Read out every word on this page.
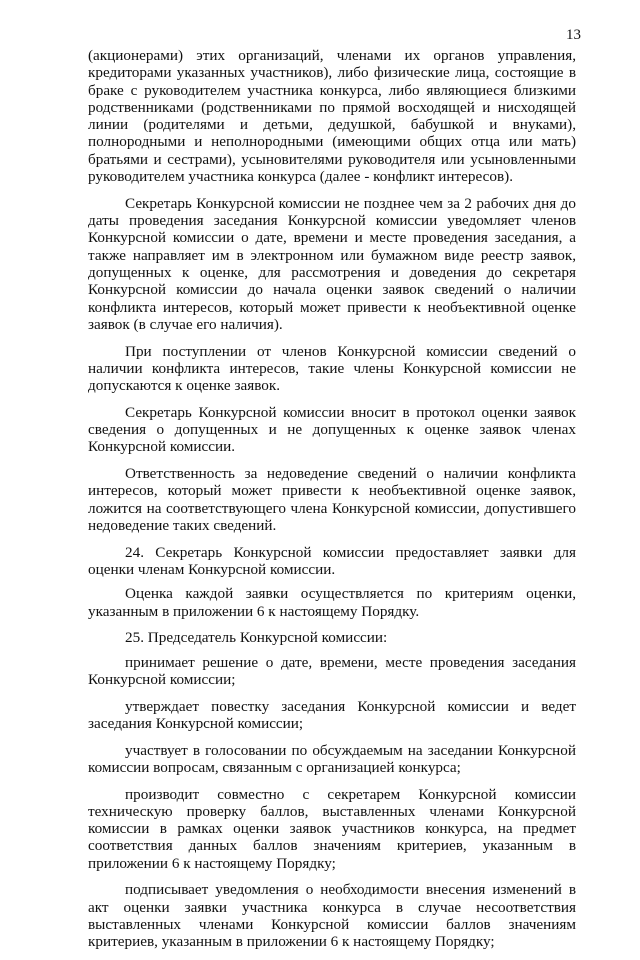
13

(акционерами) этих организаций, членами их органов управления, кредиторами указанных участников), либо физические лица, состоящие в браке с руководителем участника конкурса, либо являющиеся близкими родственниками (родственниками по прямой восходящей и нисходящей линии (родителями и детьми, дедушкой, бабушкой и внуками), полнородными и неполнородными (имеющими общих отца или мать) братьями и сестрами), усыновителями руководителя или усыновленными руководителем участника конкурса (далее - конфликт интересов).

Секретарь Конкурсной комиссии не позднее чем за 2 рабочих дня до даты проведения заседания Конкурсной комиссии уведомляет членов Конкурсной комиссии о дате, времени и месте проведения заседания, а также направляет им в электронном или бумажном виде реестр заявок, допущенных к оценке, для рассмотрения и доведения до секретаря Конкурсной комиссии до начала оценки заявок сведений о наличии конфликта интересов, который может привести к необъективной оценке заявок (в случае его наличия).

При поступлении от членов Конкурсной комиссии сведений о наличии конфликта интересов, такие члены Конкурсной комиссии не допускаются к оценке заявок.

Секретарь Конкурсной комиссии вносит в протокол оценки заявок сведения о допущенных и не допущенных к оценке заявок членах Конкурсной комиссии.

Ответственность за недоведение сведений о наличии конфликта интересов, который может привести к необъективной оценке заявок, ложится на соответствующего члена Конкурсной комиссии, допустившего недоведение таких сведений.

24. Секретарь Конкурсной комиссии предоставляет заявки для оценки членам Конкурсной комиссии.

Оценка каждой заявки осуществляется по критериям оценки, указанным в приложении 6 к настоящему Порядку.

25. Председатель Конкурсной комиссии:

принимает решение о дате, времени, месте проведения заседания Конкурсной комиссии;

утверждает повестку заседания Конкурсной комиссии и ведет заседания Конкурсной комиссии;

участвует в голосовании по обсуждаемым на заседании Конкурсной комиссии вопросам, связанным с организацией конкурса;

производит совместно с секретарем Конкурсной комиссии техническую проверку баллов, выставленных членами Конкурсной комиссии в рамках оценки заявок участников конкурса, на предмет соответствия данных баллов значениям критериев, указанным в приложении 6 к настоящему Порядку;

подписывает уведомления о необходимости внесения изменений в акт оценки заявки участника конкурса в случае несоответствия выставленных членами Конкурсной комиссии баллов значениям критериев, указанным в приложении 6 к настоящему Порядку;
